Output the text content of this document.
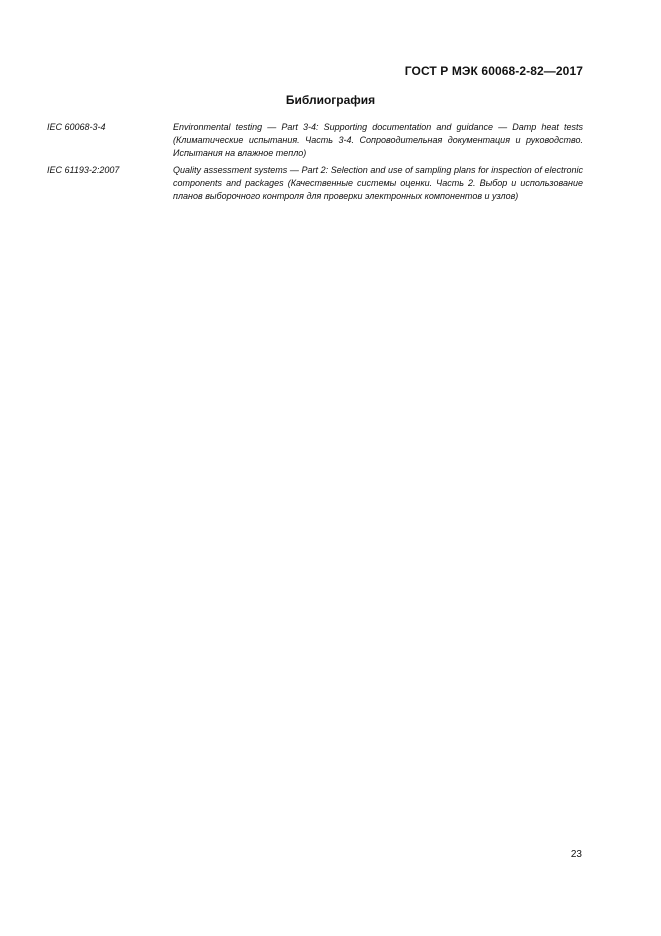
ГОСТ Р МЭК 60068-2-82—2017
Библиография
IEC 60068-3-4	Environmental testing — Part 3-4: Supporting documentation and guidance — Damp heat tests (Климатические испытания. Часть 3-4. Сопроводительная документация и руководство. Испытания на влажное тепло)
IEC 61193-2:2007	Quality assessment systems — Part 2: Selection and use of sampling plans for inspection of electronic components and packages (Качественные системы оценки. Часть 2. Выбор и использование планов выборочного контроля для проверки электронных компонентов и узлов)
23
